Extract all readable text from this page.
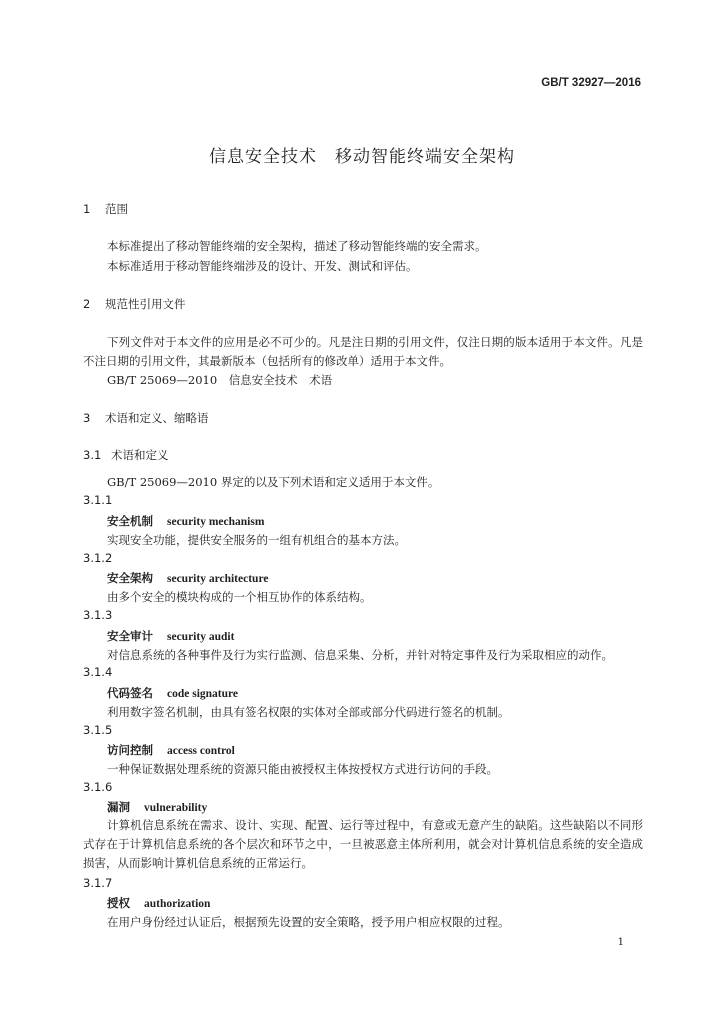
GB/T 32927—2016
信息安全技术　移动智能终端安全架构
1 范围
本标准提出了移动智能终端的安全架构，描述了移动智能终端的安全需求。
本标准适用于移动智能终端涉及的设计、开发、测试和评估。
2 规范性引用文件
下列文件对于本文件的应用是必不可少的。凡是注日期的引用文件，仅注日期的版本适用于本文件。凡是不注日期的引用文件，其最新版本（包括所有的修改单）适用于本文件。
GB/T 25069—2010　信息安全技术　术语
3 术语和定义、缩略语
3.1 术语和定义
GB/T 25069—2010 界定的以及下列术语和定义适用于本文件。
3.1.1
安全机制 security mechanism
实现安全功能，提供安全服务的一组有机组合的基本方法。
3.1.2
安全架构 security architecture
由多个安全的模块构成的一个相互协作的体系结构。
3.1.3
安全审计 security audit
对信息系统的各种事件及行为实行监测、信息采集、分析，并针对特定事件及行为采取相应的动作。
3.1.4
代码签名 code signature
利用数字签名机制，由具有签名权限的实体对全部或部分代码进行签名的机制。
3.1.5
访问控制 access control
一种保证数据处理系统的资源只能由被授权主体按授权方式进行访问的手段。
3.1.6
漏洞 vulnerability
计算机信息系统在需求、设计、实现、配置、运行等过程中，有意或无意产生的缺陷。这些缺陷以不同形式存在于计算机信息系统的各个层次和环节之中，一旦被恶意主体所利用，就会对计算机信息系统的安全造成损害，从而影响计算机信息系统的正常运行。
3.1.7
授权 authorization
在用户身份经过认证后，根据预先设置的安全策略，授予用户相应权限的过程。
1
